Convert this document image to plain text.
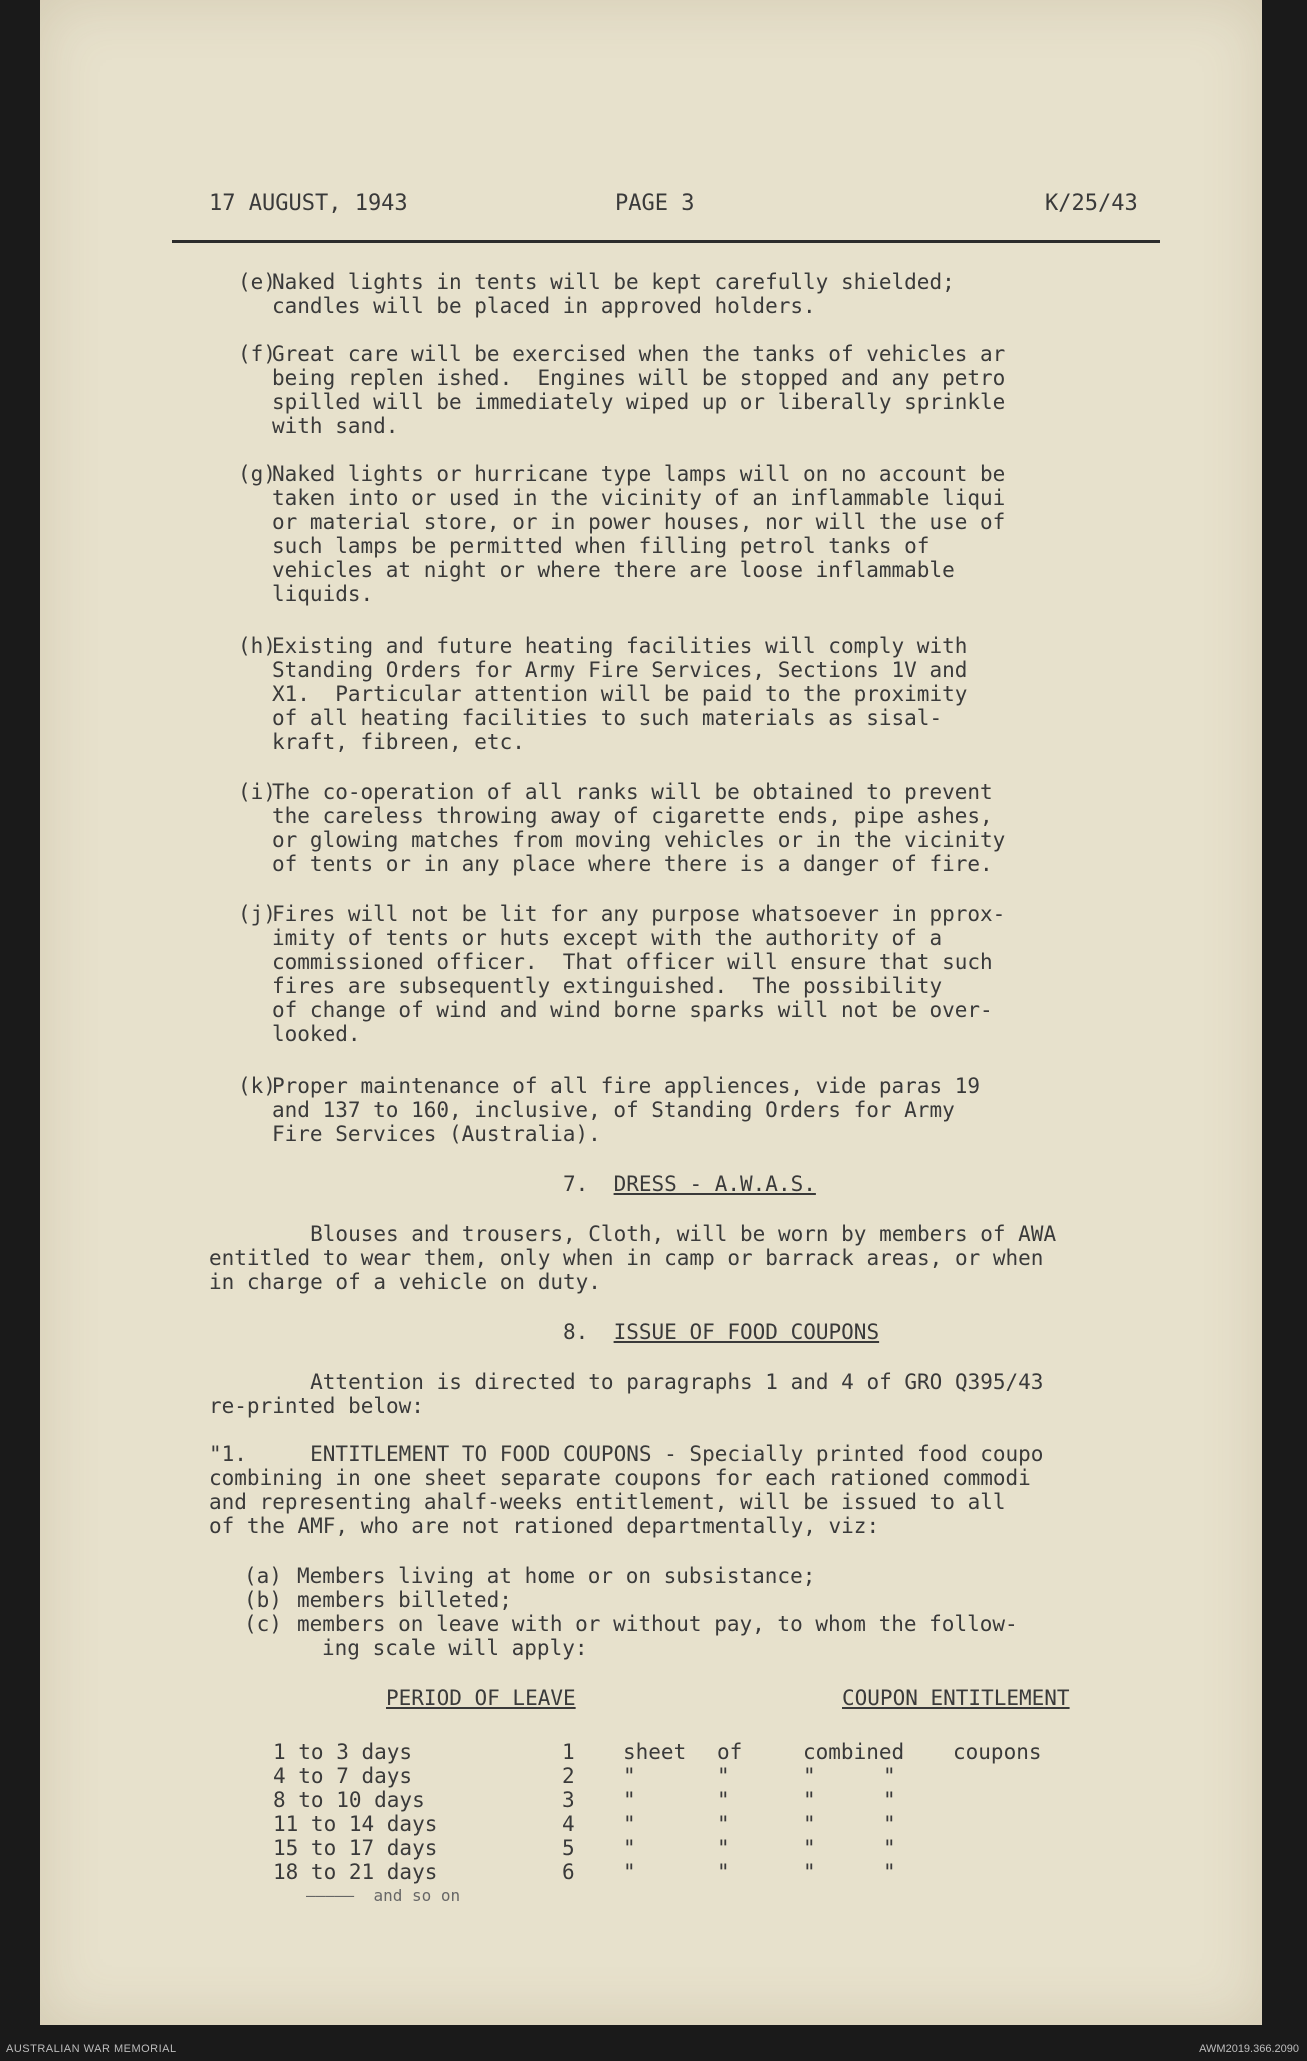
17 AUGUST, 1943	PAGE 3	K/25/43
(e)
Naked lights in tents will be kept carefully shielded;
candles will be placed in approved holders.
(f)
Great care will be exercised when the tanks of vehicles ar
being replen ished.  Engines will be stopped and any petro
spilled will be immediately wiped up or liberally sprinkle
with sand.
(g)
Naked lights or hurricane type lamps will on no account be
taken into or used in the vicinity of an inflammable liqui
or material store, or in power houses, nor will the use of
such lamps be permitted when filling petrol tanks of
vehicles at night or where there are loose inflammable
liquids.
(h)
Existing and future heating facilities will comply with
Standing Orders for Army Fire Services, Sections 1V and
X1.  Particular attention will be paid to the proximity
of all heating facilities to such materials as sisal-
kraft, fibreen, etc.
(i)
The co-operation of all ranks will be obtained to prevent
the careless throwing away of cigarette ends, pipe ashes,
or glowing matches from moving vehicles or in the vicinity
of tents or in any place where there is a danger of fire.
(j)
Fires will not be lit for any purpose whatsoever in pprox-
imity of tents or huts except with the authority of a
commissioned officer.  That officer will ensure that such
fires are subsequently extinguished.  The possibility
of change of wind and wind borne sparks will not be over-
looked.
(k)
Proper maintenance of all fire appliences, vide paras 19
and 137 to 160, inclusive, of Standing Orders for Army
Fire Services (Australia).
7. DRESS - A.W.A.S.
Blouses and trousers, Cloth, will be worn by members of AWA
entitled to wear them, only when in camp or barrack areas, or when
in charge of a vehicle on duty.
8. ISSUE OF FOOD COUPONS
Attention is directed to paragraphs 1 and 4 of GRO Q395/43
re-printed below:
"1.     ENTITLEMENT TO FOOD COUPONS - Specially printed food coupo
combining in one sheet separate coupons for each rationed commodi
and representing ahalf-weeks entitlement, will be issued to all
of the AMF, who are not rationed departmentally, viz:
(a) Members living at home or on subsistance;
(b) members billeted;
(c) members on leave with or without pay, to whom the follow-
ing scale will apply:
PERIOD OF LEAVE	COUPON ENTITLEMENT
1 to 3 days	1 sheet of	combined coupons
4 to 7 days	2 "	"	"	"
8 to 10 days	3 "	"	"	"
11 to 14 days	4 "	"	"	"
15 to 17 days	5 "	"	"	"
18 to 21 days	6 "	"	"	"
—————  and so on
AUSTRALIAN WAR MEMORIAL	AWM2019.366.2090
